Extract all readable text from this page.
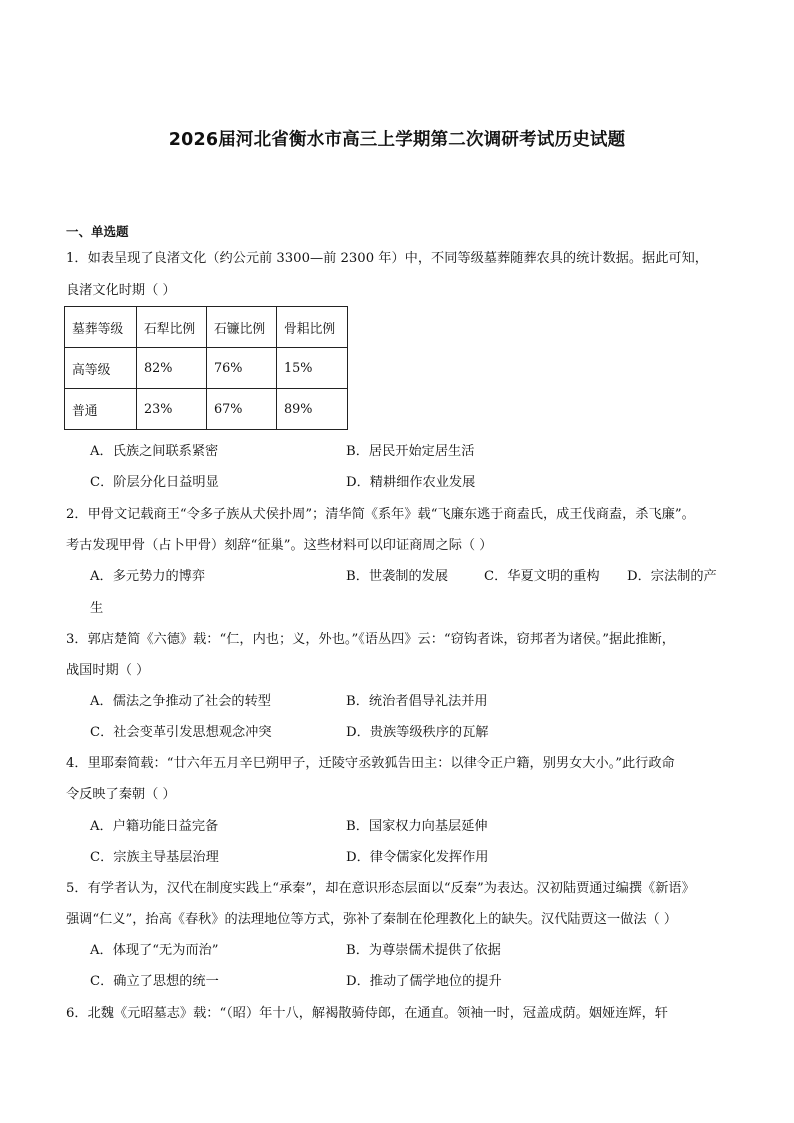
2026届河北省衡水市高三上学期第二次调研考试历史试题
一、单选题
1．如表呈现了良渚文化（约公元前 3300—前 2300 年）中，不同等级墓葬随葬农具的统计数据。据此可知，
良渚文化时期（ ）
墓葬等级	石犁比例	石镰比例	骨耜比例
高等级	82%	76%	15%
普通	23%	67%	89%
A．氏族之间联系紧密	B．居民开始定居生活
C．阶层分化日益明显	D．精耕细作农业发展
2．甲骨文记载商王“令多子族从犬侯扑周”；清华简《系年》载“飞廉东逃于商盍氏，成王伐商盍，杀飞廉”。
考古发现甲骨（占卜甲骨）刻辞“征巢”。这些材料可以印证商周之际（ ）
A．多元势力的博弈	B．世袭制的发展	C．华夏文明的重构 D．宗法制的产
生
3．郭店楚简《六德》载：“仁，内也；义，外也。”《语丛四》云：“窃钩者诛，窃邦者为诸侯。”据此推断，
战国时期（ ）
A．儒法之争推动了社会的转型	B．统治者倡导礼法并用
C．社会变革引发思想观念冲突	D．贵族等级秩序的瓦解
4．里耶秦简载：“廿六年五月辛巳朔甲子，迁陵守丞敦狐告田主：以律令正户籍，别男女大小。”此行政命
令反映了秦朝（ ）
A．户籍功能日益完备	B．国家权力向基层延伸
C．宗族主导基层治理	D．律令儒家化发挥作用
5．有学者认为，汉代在制度实践上“承秦”，却在意识形态层面以“反秦”为表达。汉初陆贾通过编撰《新语》
强调“仁义”，抬高《春秋》的法理地位等方式，弥补了秦制在伦理教化上的缺失。汉代陆贾这一做法（ ）
A．体现了“无为而治”	B．为尊崇儒术提供了依据
C．确立了思想的统一	D．推动了儒学地位的提升
6．北魏《元昭墓志》载：“（昭）年十八，解褐散骑侍郎，在通直。领袖一时，冠盖成荫。姻娅连辉，轩
